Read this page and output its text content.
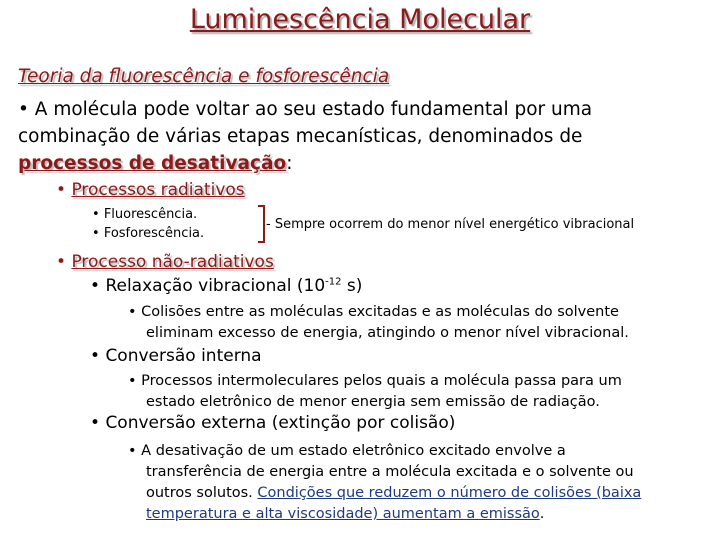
Luminescência Molecular
Teoria da fluorescência e fosforescência
• A molécula pode voltar ao seu estado fundamental por uma
combinação de várias etapas mecanísticas, denominados de
processos de desativação:
• Processos radiativos
• Fluorescência.
• Fosforescência.
- Sempre ocorrem do menor nível energético vibracional
• Processo não-radiativos
• Relaxação vibracional ($10^{-12}$ s)
• Colisões entre as moléculas excitadas e as moléculas do solvente
eliminam excesso de energia, atingindo o menor nível vibracional.
• Conversão interna
• Processos intermoleculares pelos quais a molécula passa para um
estado eletrônico de menor energia sem emissão de radiação.
• Conversão externa (extinção por colisão)
• A desativação de um estado eletrônico excitado envolve a
transferência de energia entre a molécula excitada e o solvente ou
outros solutos. Condições que reduzem o número de colisões (baixa
temperatura e alta viscosidade) aumentam a emissão.
